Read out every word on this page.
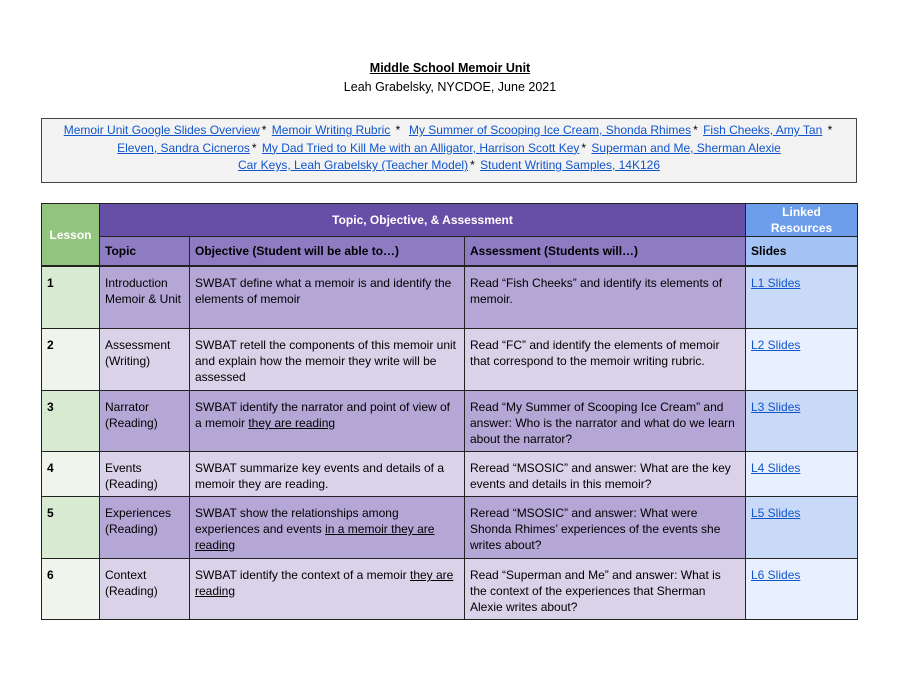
Middle School Memoir Unit
Leah Grabelsky, NYCDOE, June 2021
Memoir Unit Google Slides Overview * Memoir Writing Rubric * My Summer of Scooping Ice Cream, Shonda Rhimes * Fish Cheeks, Amy Tan *
Eleven, Sandra Cicneros * My Dad Tried to Kill Me with an Alligator, Harrison Scott Key * Superman and Me, Sherman Alexie
Car Keys, Leah Grabelsky (Teacher Model) * Student Writing Samples, 14K126
Lesson	Topic, Objective, & Assessment			Linked Resources
	Topic	Objective (Student will be able to…)	Assessment (Students will…)	Slides
1	Introduction Memoir & Unit	SWBAT define what a memoir is and identify the elements of memoir	Read “Fish Cheeks” and identify its elements of memoir.	L1 Slides
2	Assessment (Writing)	SWBAT retell the components of this memoir unit and explain how the memoir they write will be assessed	Read “FC” and identify the elements of memoir that correspond to the memoir writing rubric.	L2 Slides
3	Narrator (Reading)	SWBAT identify the narrator and point of view of a memoir they are reading	Read “My Summer of Scooping Ice Cream” and answer: Who is the narrator and what do we learn about the narrator?	L3 Slides
4	Events (Reading)	SWBAT summarize key events and details of a memoir they are reading.	Reread “MSOSIC” and answer: What are the key events and details in this memoir?	L4 Slides
5	Experiences (Reading)	SWBAT show the relationships among experiences and events in a memoir they are reading	Reread “MSOSIC” and answer: What were Shonda Rhimes’ experiences of the events she writes about?	L5 Slides
6	Context (Reading)	SWBAT identify the context of a memoir they are reading	Read “Superman and Me” and answer: What is the context of the experiences that Sherman Alexie writes about?	L6 Slides
